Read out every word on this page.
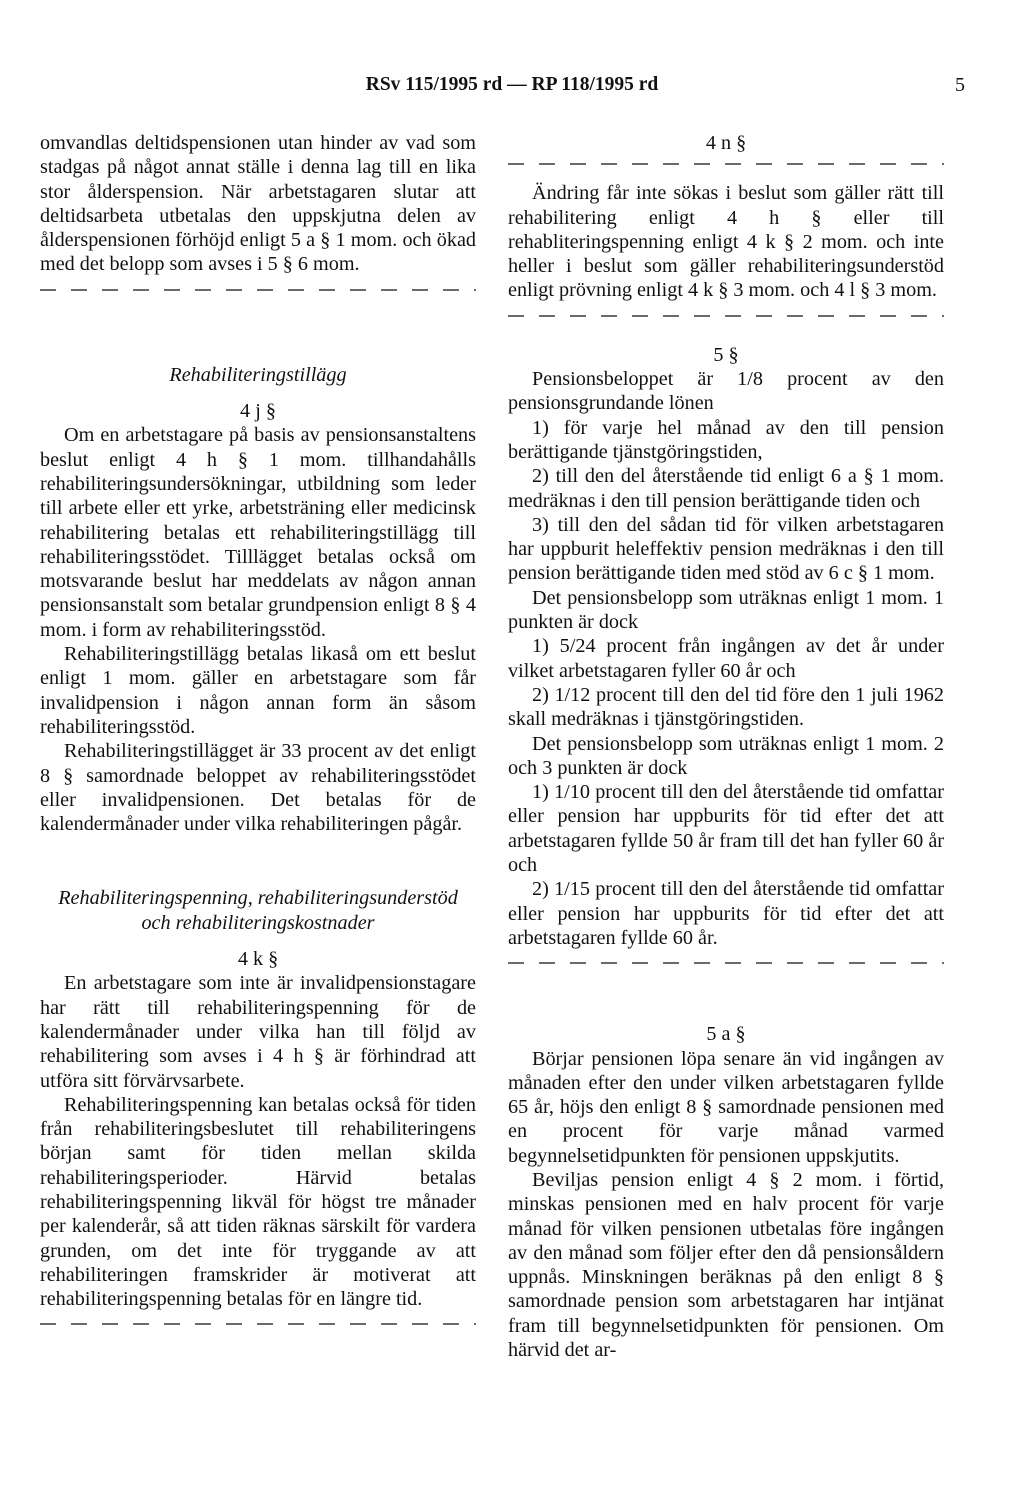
RSv 115/1995 rd — RP 118/1995 rd	5

omvandlas deltidspensionen utan hinder av vad som stadgas på något annat ställe i denna lag till en lika stor ålderspension. När arbetstagaren slutar att deltidsarbeta utbetalas den uppskjutna delen av ålderspensionen förhöjd enligt 5 a § 1 mom. och ökad med det belopp som avses i 5 § 6 mom.

Rehabiliteringstillägg
4 j §

Om en arbetstagare på basis av pensionsanstaltens beslut enligt 4 h § 1 mom. tillhandahålls rehabiliteringsundersökningar, utbildning som leder till arbete eller ett yrke, arbetsträning eller medicinsk rehabilitering betalas ett rehabiliteringstillägg till rehabiliteringsstödet. Tilllägget betalas också om motsvarande beslut har meddelats av någon annan pensionsanstalt som betalar grundpension enligt 8 § 4 mom. i form av rehabiliteringsstöd.

Rehabiliteringstillägg betalas likaså om ett beslut enligt 1 mom. gäller en arbetstagare som får invalidpension i någon annan form än såsom rehabiliteringsstöd.

Rehabiliteringstillägget är 33 procent av det enligt 8 § samordnade beloppet av rehabiliteringsstödet eller invalidpensionen. Det betalas för de kalendermånader under vilka rehabiliteringen pågår.

Rehabiliteringspenning, rehabiliteringsunderstöd
och rehabiliteringskostnader
4 k §

En arbetstagare som inte är invalidpensionstagare har rätt till rehabiliteringspenning för de kalendermånader under vilka han till följd av rehabilitering som avses i 4 h § är förhindrad att utföra sitt förvärvsarbete.

Rehabiliteringspenning kan betalas också för tiden från rehabiliteringsbeslutet till rehabiliteringens början samt för tiden mellan skilda rehabiliteringsperioder. Härvid betalas rehabiliteringspenning likväl för högst tre månader per kalenderår, så att tiden räknas särskilt för vardera grunden, om det inte för tryggande av att rehabiliteringen framskrider är motiverat att rehabiliteringspenning betalas för en längre tid.

4 n §

Ändring får inte sökas i beslut som gäller rätt till rehabilitering enligt 4 h § eller till rehabliteringspenning enligt 4 k § 2 mom. och inte heller i beslut som gäller rehabiliteringsunderstöd enligt prövning enligt 4 k § 3 mom. och 4 l § 3 mom.

5 §

Pensionsbeloppet är 1/8 procent av den pensionsgrundande lönen

1) för varje hel månad av den till pension berättigande tjänstgöringstiden,

2) till den del återstående tid enligt 6 a § 1 mom. medräknas i den till pension berättigande tiden och

3) till den del sådan tid för vilken arbetstagaren har uppburit heleffektiv pension medräknas i den till pension berättigande tiden med stöd av 6 c § 1 mom.

Det pensionsbelopp som uträknas enligt 1 mom. 1 punkten är dock

1) 5/24 procent från ingången av det år under vilket arbetstagaren fyller 60 år och

2) 1/12 procent till den del tid före den 1 juli 1962 skall medräknas i tjänstgöringstiden.

Det pensionsbelopp som uträknas enligt 1 mom. 2 och 3 punkten är dock

1) 1/10 procent till den del återstående tid omfattar eller pension har uppburits för tid efter det att arbetstagaren fyllde 50 år fram till det han fyller 60 år och

2) 1/15 procent till den del återstående tid omfattar eller pension har uppburits för tid efter det att arbetstagaren fyllde 60 år.

5 a §

Börjar pensionen löpa senare än vid ingången av månaden efter den under vilken arbetstagaren fyllde 65 år, höjs den enligt 8 § samordnade pensionen med en procent för varje månad varmed begynnelsetidpunkten för pensionen uppskjutits.

Beviljas pension enligt 4 § 2 mom. i förtid, minskas pensionen med en halv procent för varje månad för vilken pensionen utbetalas före ingången av den månad som följer efter den då pensionsåldern uppnås. Minskningen beräknas på den enligt 8 § samordnade pension som arbetstagaren har intjänat fram till begynnelsetidpunkten för pensionen. Om härvid det ar-
